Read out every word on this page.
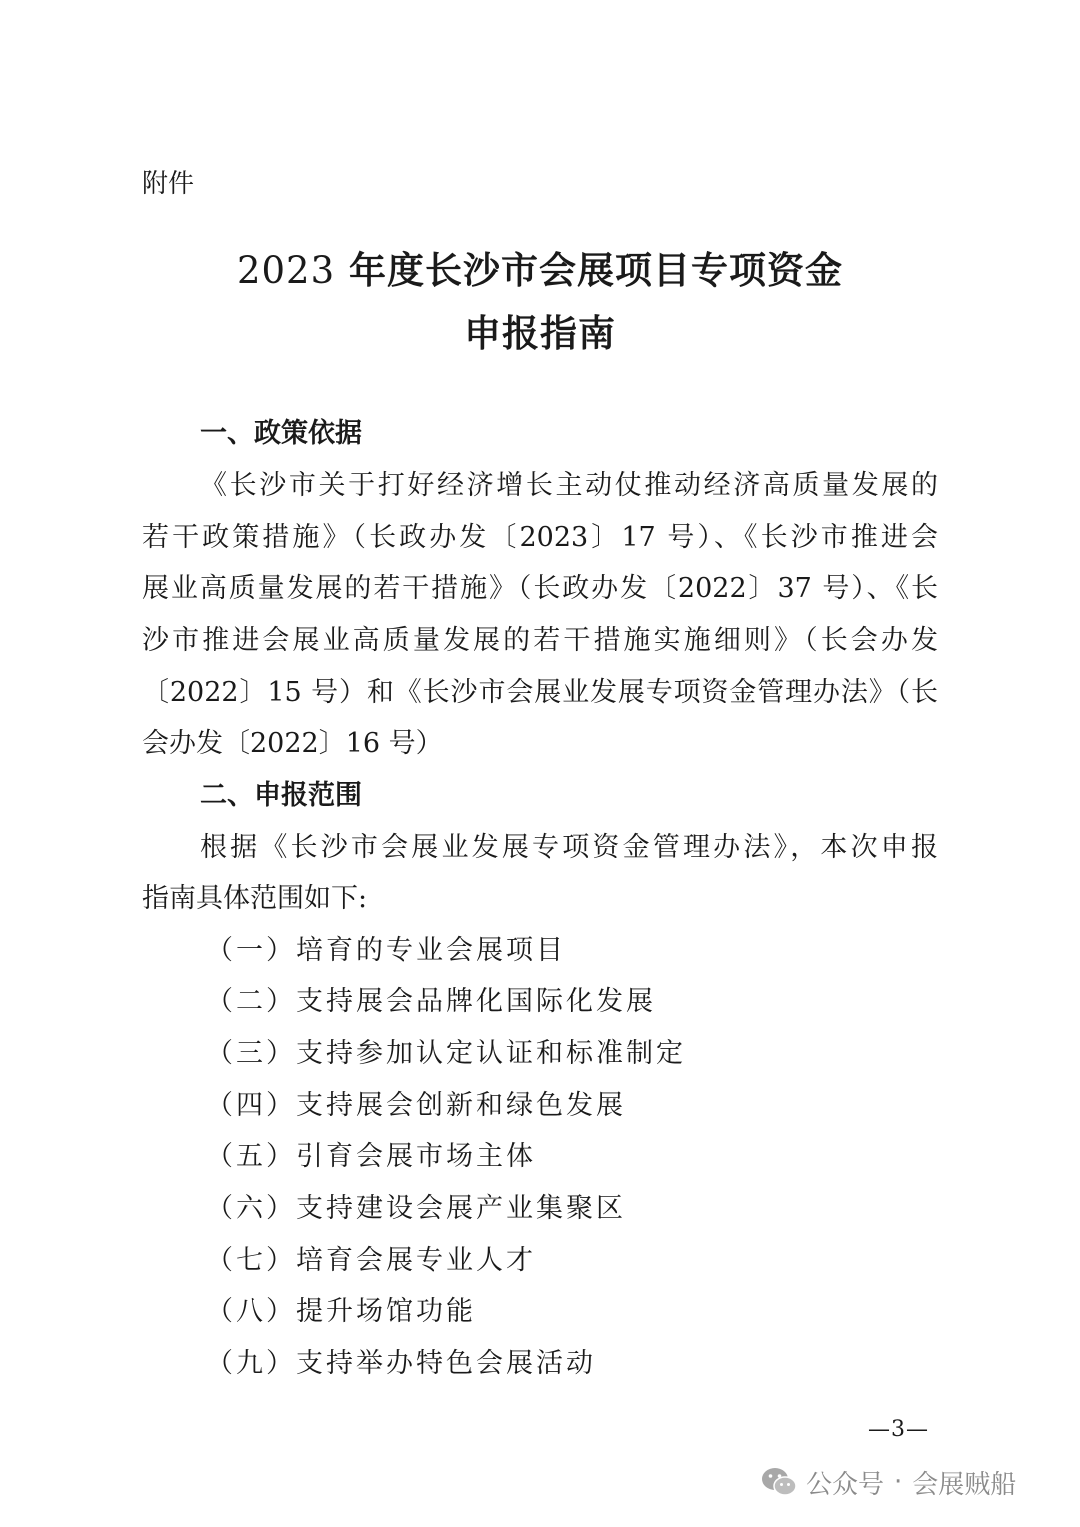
附件
2023 年度长沙市会展项目专项资金
申报指南
一、政策依据
《长沙市关于打好经济增长主动仗推动经济高质量发展的
若干政策措施》（长政办发〔2023〕17 号）、《长沙市推进会
展业高质量发展的若干措施》（长政办发〔2022〕37 号）、《长
沙市推进会展业高质量发展的若干措施实施细则》（长会办发
〔2022〕15 号）和《长沙市会展业发展专项资金管理办法》（长
会办发〔2022〕16 号）
二、申报范围
根据《长沙市会展业发展专项资金管理办法》，本次申报
指南具体范围如下:
（一）培育的专业会展项目
（二）支持展会品牌化国际化发展
（三）支持参加认定认证和标准制定
（四）支持展会创新和绿色发展
（五）引育会展市场主体
（六）支持建设会展产业集聚区
（七）培育会展专业人才
（八）提升场馆功能
（九）支持举办特色会展活动
—3—
公众号 · 会展贼船
